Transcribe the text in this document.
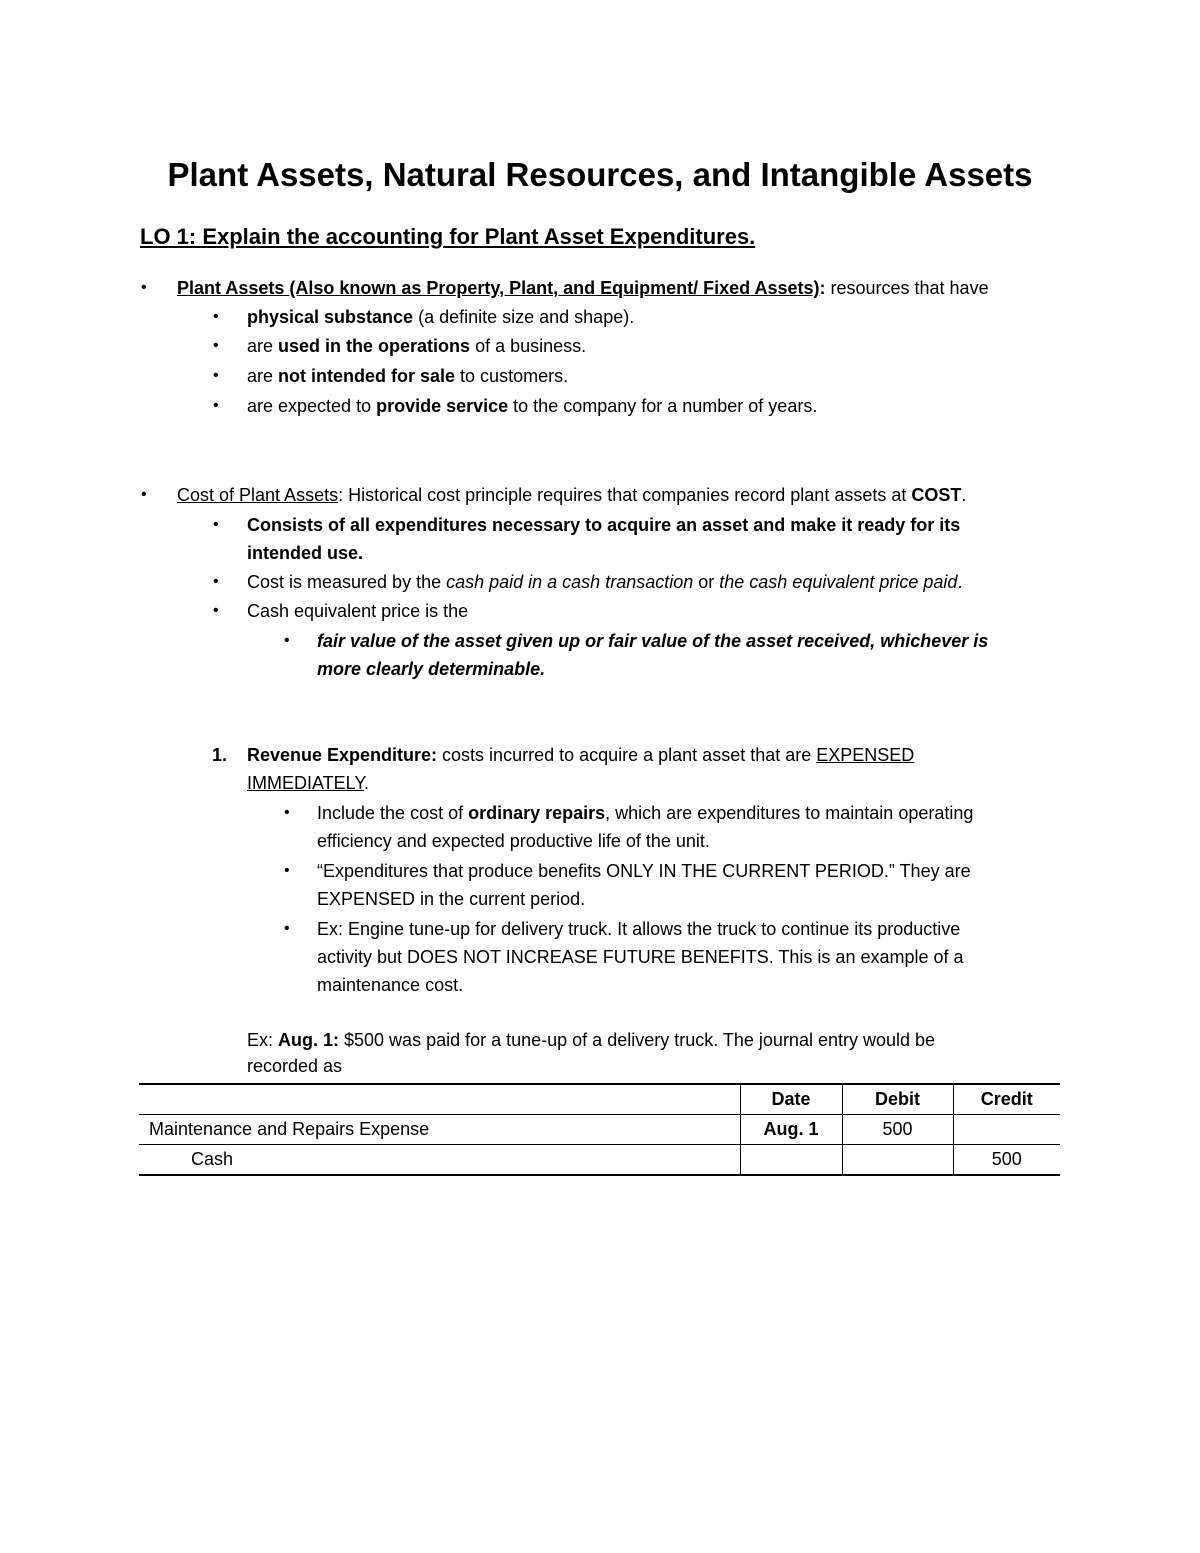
Plant Assets, Natural Resources, and Intangible Assets
LO 1: Explain the accounting for Plant Asset Expenditures.
• Plant Assets (Also known as Property, Plant, and Equipment/ Fixed Assets): resources that have
• physical substance (a definite size and shape).
• are used in the operations of a business.
• are not intended for sale to customers.
• are expected to provide service to the company for a number of years.
• Cost of Plant Assets: Historical cost principle requires that companies record plant assets at COST.
• Consists of all expenditures necessary to acquire an asset and make it ready for its
intended use.
• Cost is measured by the cash paid in a cash transaction or the cash equivalent price paid.
• Cash equivalent price is the
• fair value of the asset given up or fair value of the asset received, whichever is
more clearly determinable.
1. Revenue Expenditure: costs incurred to acquire a plant asset that are EXPENSED
IMMEDIATELY.
• Include the cost of ordinary repairs, which are expenditures to maintain operating
efficiency and expected productive life of the unit.
• “Expenditures that produce benefits ONLY IN THE CURRENT PERIOD.” They are
EXPENSED in the current period.
• Ex: Engine tune-up for delivery truck. It allows the truck to continue its productive
activity but DOES NOT INCREASE FUTURE BENEFITS. This is an example of a
maintenance cost.
Ex: Aug. 1: $500 was paid for a tune-up of a delivery truck. The journal entry would be
recorded as
	Date	Debit	Credit
Maintenance and Repairs Expense	Aug. 1	500	
Cash			500
